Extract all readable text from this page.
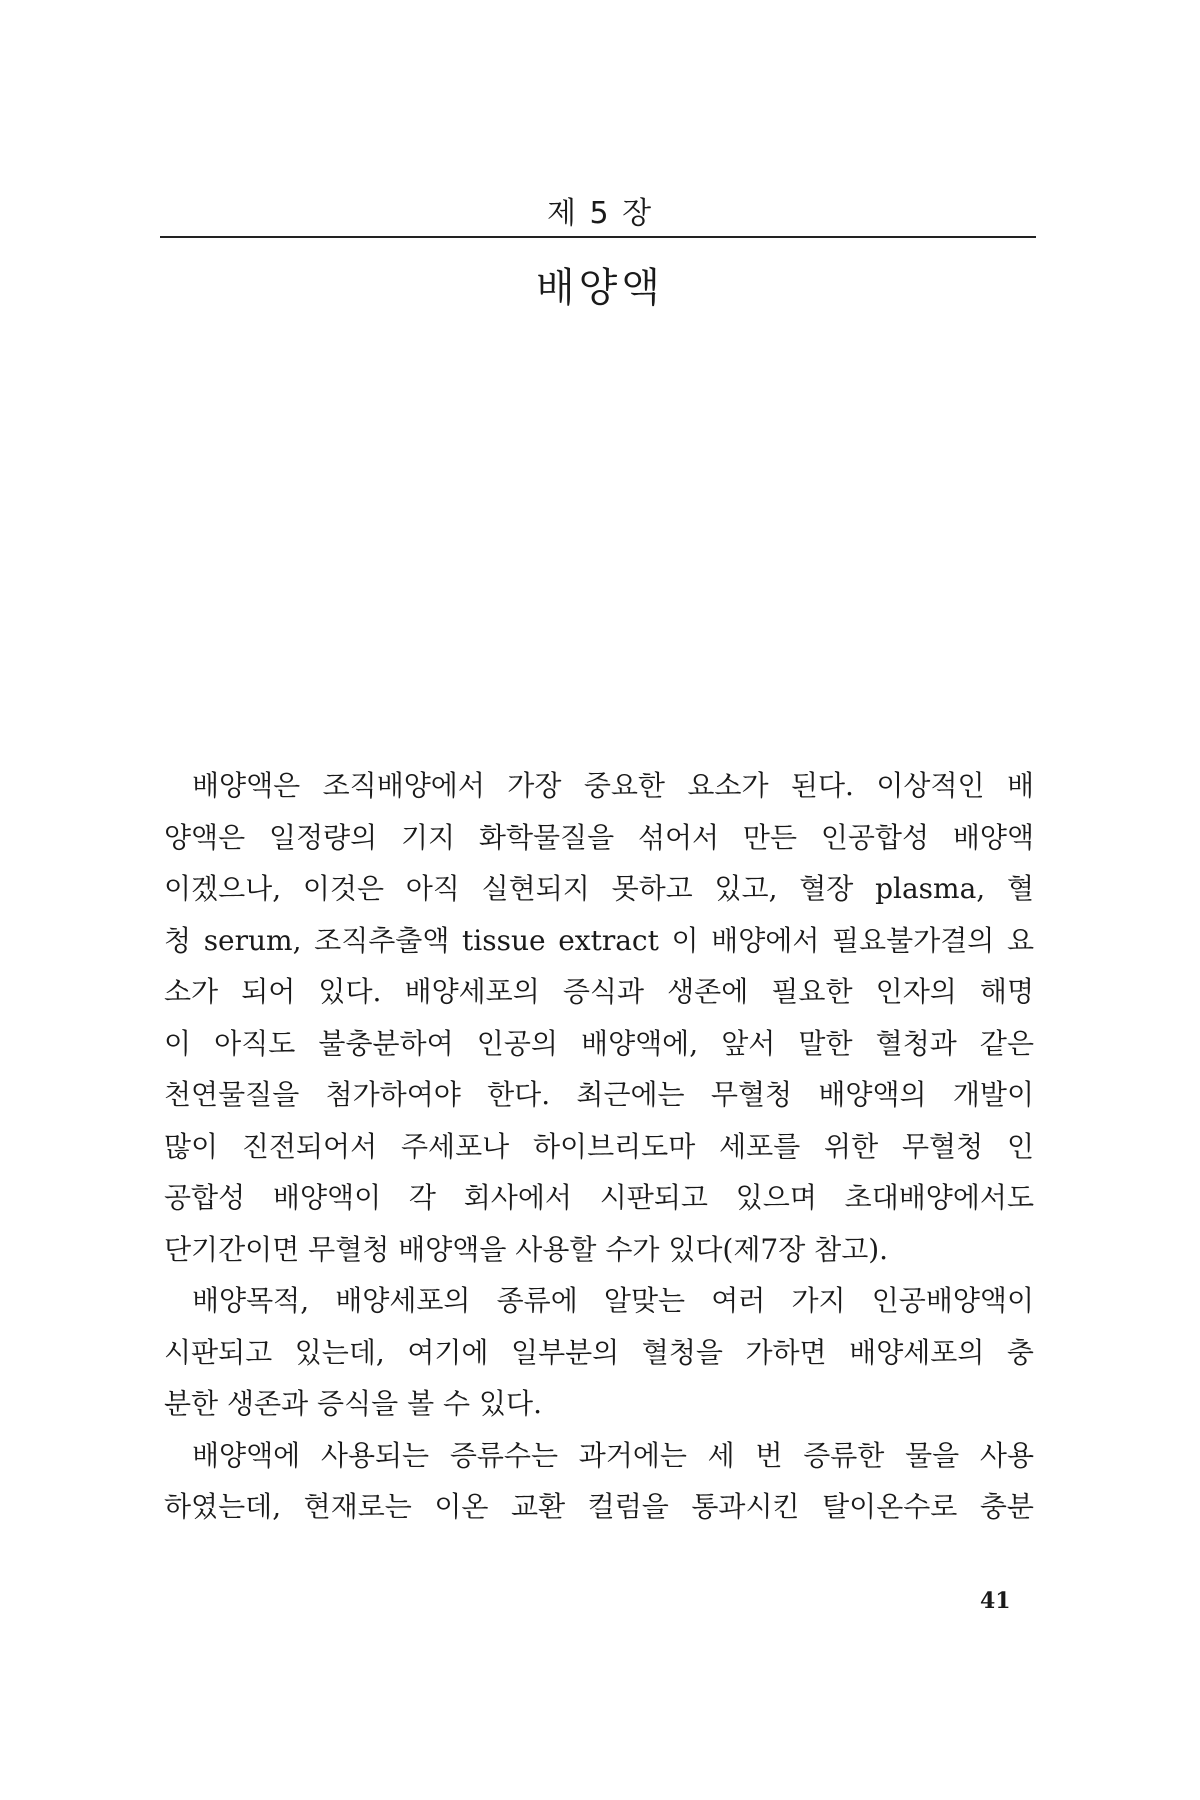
제 5 장
배양액
배양액은 조직배양에서 가장 중요한 요소가 된다. 이상적인 배
양액은 일정량의 기지 화학물질을 섞어서 만든 인공합성 배양액
이겠으나, 이것은 아직 실현되지 못하고 있고, 혈장 plasma, 혈
청 serum, 조직추출액 tissue extract 이 배양에서 필요불가결의 요
소가 되어 있다. 배양세포의 증식과 생존에 필요한 인자의 해명
이 아직도 불충분하여 인공의 배양액에, 앞서 말한 혈청과 같은
천연물질을 첨가하여야 한다. 최근에는 무혈청 배양액의 개발이
많이 진전되어서 주세포나 하이브리도마 세포를 위한 무혈청 인
공합성 배양액이 각 회사에서 시판되고 있으며 초대배양에서도
단기간이면 무혈청 배양액을 사용할 수가 있다(제7장 참고).
배양목적, 배양세포의 종류에 알맞는 여러 가지 인공배양액이
시판되고 있는데, 여기에 일부분의 혈청을 가하면 배양세포의 충
분한 생존과 증식을 볼 수 있다.
배양액에 사용되는 증류수는 과거에는 세 번 증류한 물을 사용
하였는데, 현재로는 이온 교환 컬럼을 통과시킨 탈이온수로 충분
41
